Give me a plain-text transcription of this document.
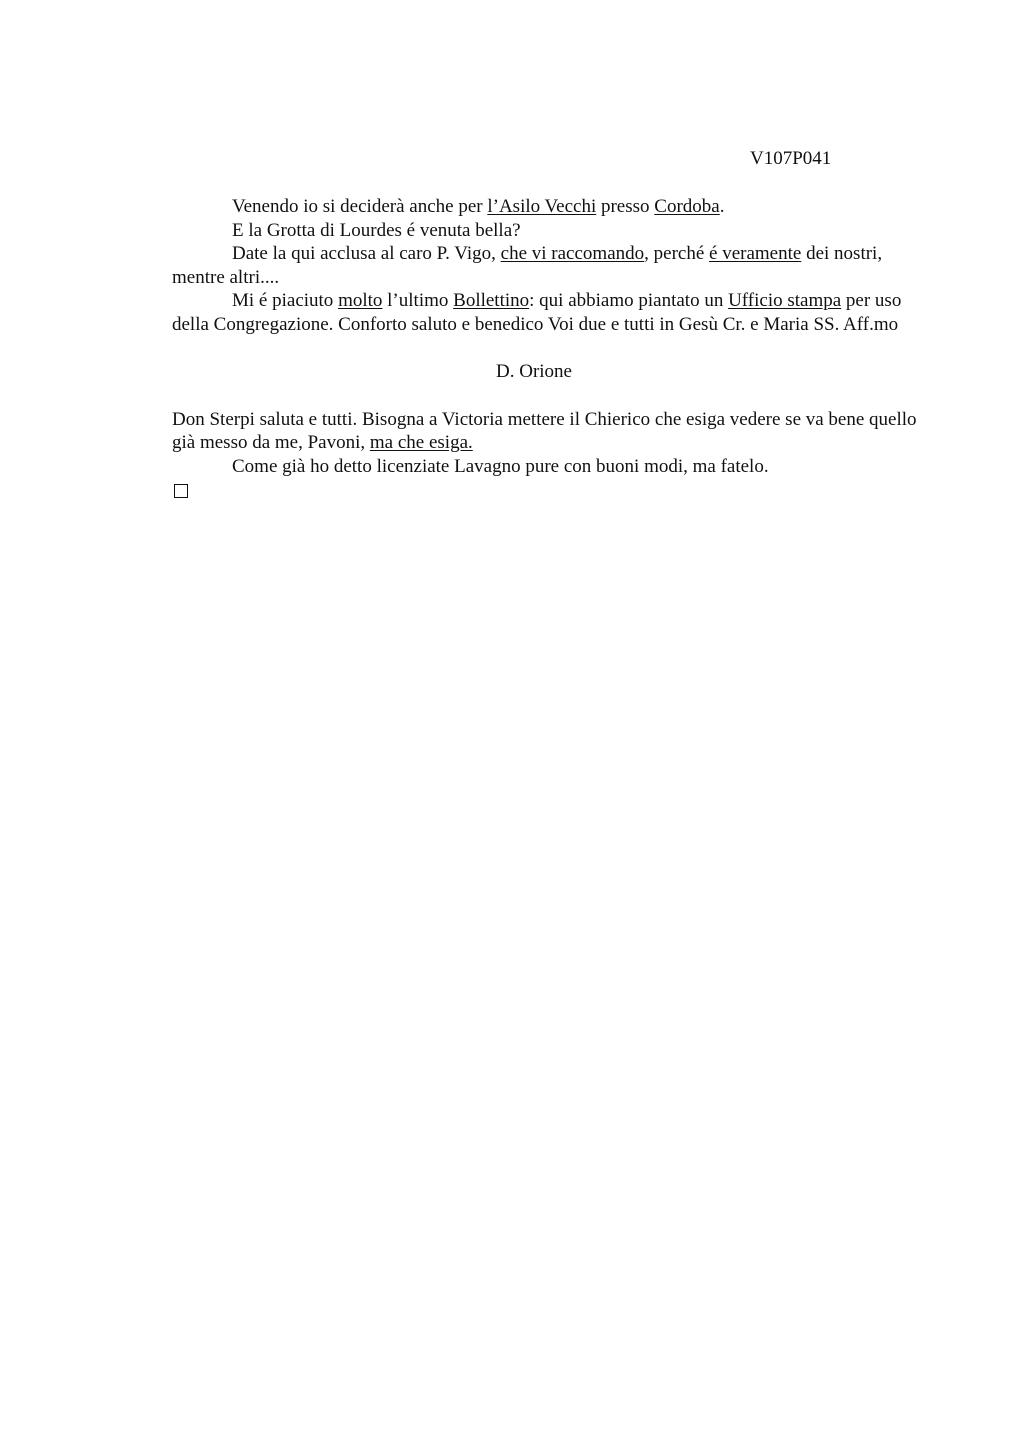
V107P041

Venendo io si deciderà anche per l’Asilo Vecchi presso Cordoba.

E la Grotta di Lourdes é venuta bella?

Date la qui acclusa al caro P. Vigo, che vi raccomando, perché é veramente dei nostri, mentre altri....

Mi é piaciuto molto l’ultimo Bollettino: qui abbiamo piantato un Ufficio stampa per uso della Congregazione. Conforto saluto e benedico Voi due e tutti in Gesù Cr. e Maria SS. Aff.mo

D. Orione

Don Sterpi saluta e tutti. Bisogna a Victoria mettere il Chierico che esiga vedere se va bene quello già messo da me, Pavoni, ma che esiga.

Come già ho detto licenziate Lavagno pure con buoni modi, ma fatelo.
